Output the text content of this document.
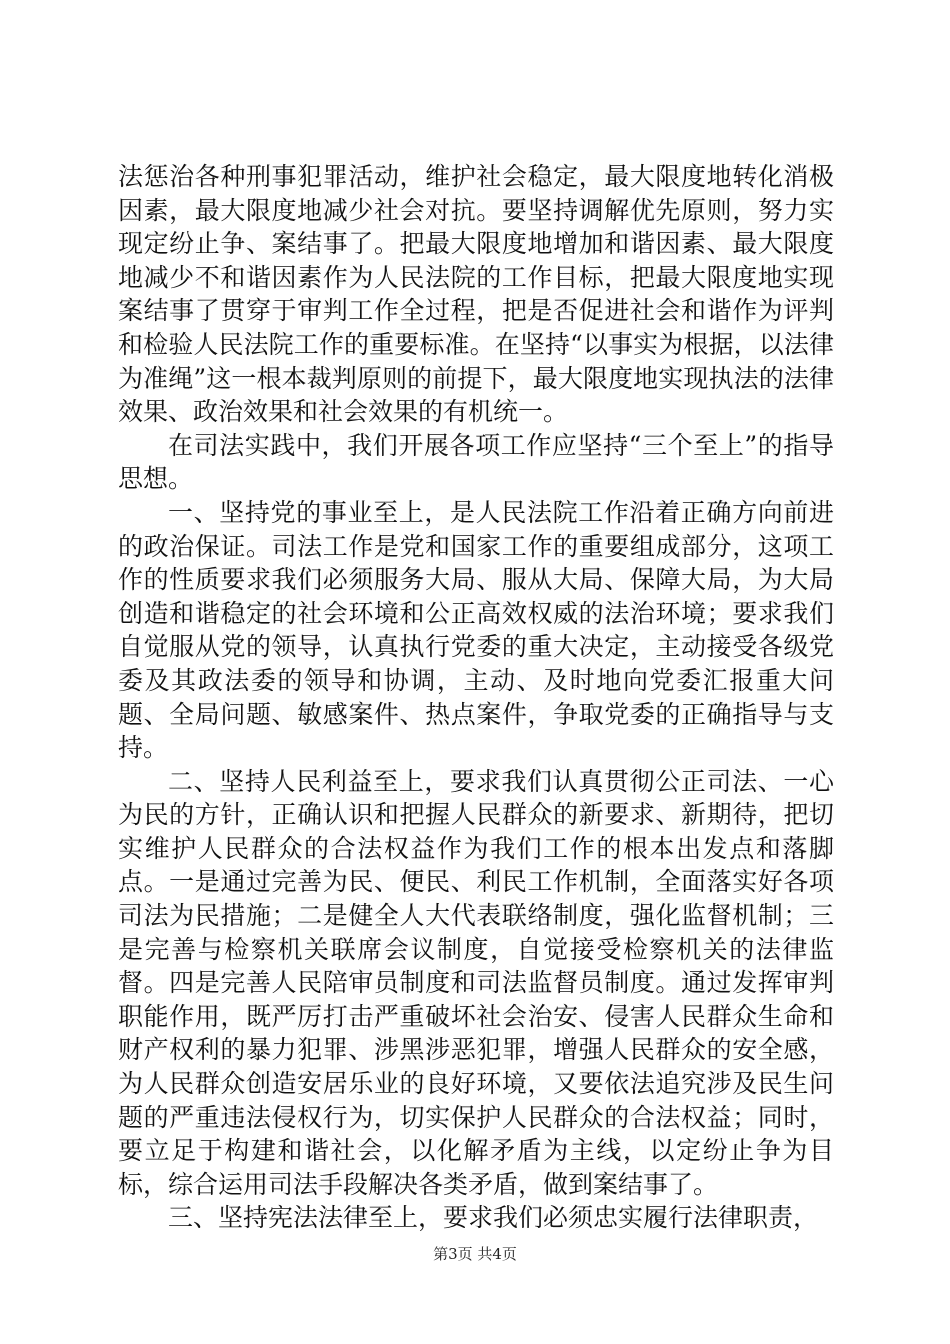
法惩治各种刑事犯罪活动，维护社会稳定，最大限度地转化消极因素，最大限度地减少社会对抗。要坚持调解优先原则，努力实现定纷止争、案结事了。把最大限度地增加和谐因素、最大限度地减少不和谐因素作为人民法院的工作目标，把最大限度地实现案结事了贯穿于审判工作全过程，把是否促进社会和谐作为评判和检验人民法院工作的重要标准。在坚持“以事实为根据，以法律为准绳”这一根本裁判原则的前提下，最大限度地实现执法的法律效果、政治效果和社会效果的有机统一。

在司法实践中，我们开展各项工作应坚持“三个至上”的指导思想。

一、坚持党的事业至上，是人民法院工作沿着正确方向前进的政治保证。司法工作是党和国家工作的重要组成部分，这项工作的性质要求我们必须服务大局、服从大局、保障大局，为大局创造和谐稳定的社会环境和公正高效权威的法治环境；要求我们自觉服从党的领导，认真执行党委的重大决定，主动接受各级党委及其政法委的领导和协调，主动、及时地向党委汇报重大问题、全局问题、敏感案件、热点案件，争取党委的正确指导与支持。

二、坚持人民利益至上，要求我们认真贯彻公正司法、一心为民的方针，正确认识和把握人民群众的新要求、新期待，把切实维护人民群众的合法权益作为我们工作的根本出发点和落脚点。一是通过完善为民、便民、利民工作机制，全面落实好各项司法为民措施；二是健全人大代表联络制度，强化监督机制；三是完善与检察机关联席会议制度，自觉接受检察机关的法律监督。四是完善人民陪审员制度和司法监督员制度。通过发挥审判职能作用，既严厉打击严重破坏社会治安、侵害人民群众生命和财产权利的暴力犯罪、涉黑涉恶犯罪，增强人民群众的安全感，为人民群众创造安居乐业的良好环境，又要依法追究涉及民生问题的严重违法侵权行为，切实保护人民群众的合法权益；同时，要立足于构建和谐社会，以化解矛盾为主线，以定纷止争为目标，综合运用司法手段解决各类矛盾，做到案结事了。

三、坚持宪法法律至上，要求我们必须忠实履行法律职责，

第3页 共4页
